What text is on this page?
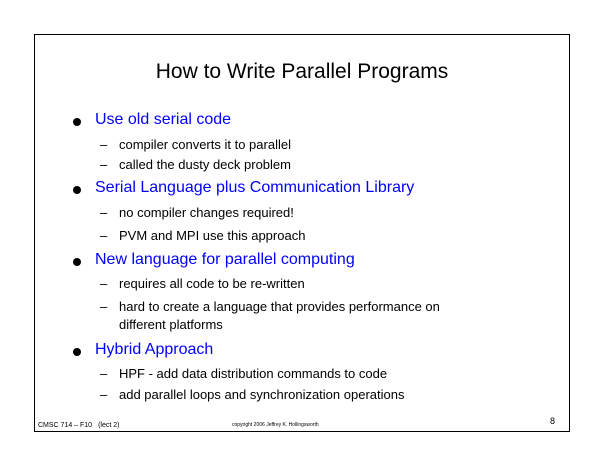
How to Write Parallel Programs
Use old serial code
– compiler converts it to parallel
– called the dusty deck problem
Serial Language plus Communication Library
– no compiler changes required!
– PVM and MPI use this approach
New language for parallel computing
– requires all code to be re-written
– hard to create a language that provides performance on
different platforms
Hybrid Approach
– HPF - add data distribution commands to code
– add parallel loops and synchronization operations
CMSC 714 – F10 (lect 2)	copyright 2006 Jeffrey K. Hollingsworth	8
